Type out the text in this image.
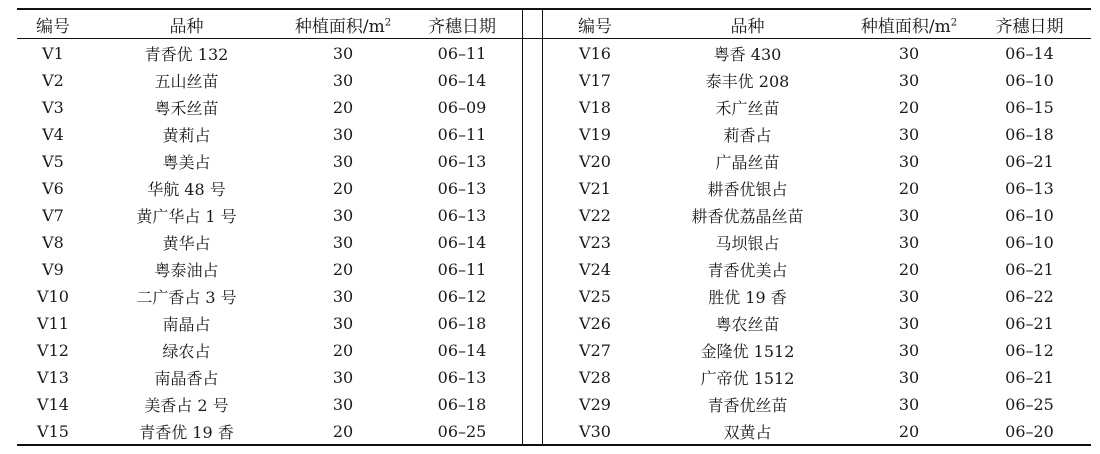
编号	品种	种植面积$/m^2$	齐穗日期
V1	青香优 132	30	06–11
V2	五山丝苗	30	06–14
V3	粤禾丝苗	20	06–09
V4	黄莉占	30	06–11
V5	粤美占	30	06–13
V6	华航 48 号	20	06–13
V7	黄广华占 1 号	30	06–13
V8	黄华占	30	06–14
V9	粤泰油占	20	06–11
V10	二广香占 3 号	30	06–12
V11	南晶占	30	06–18
V12	绿农占	20	06–14
V13	南晶香占	30	06–13
V14	美香占 2 号	30	06–18
V15	青香优 19 香	20	06–25
编号	品种	种植面积$/m^2$	齐穗日期
V16	粤香 430	30	06–14
V17	泰丰优 208	30	06–10
V18	禾广丝苗	20	06–15
V19	莉香占	30	06–18
V20	广晶丝苗	30	06–21
V21	耕香优银占	20	06–13
V22	耕香优荔晶丝苗	30	06–10
V23	马坝银占	30	06–10
V24	青香优美占	20	06–21
V25	胜优 19 香	30	06–22
V26	粤农丝苗	30	06–21
V27	金隆优 1512	30	06–12
V28	广帝优 1512	30	06–21
V29	青香优丝苗	30	06–25
V30	双黄占	20	06–20
